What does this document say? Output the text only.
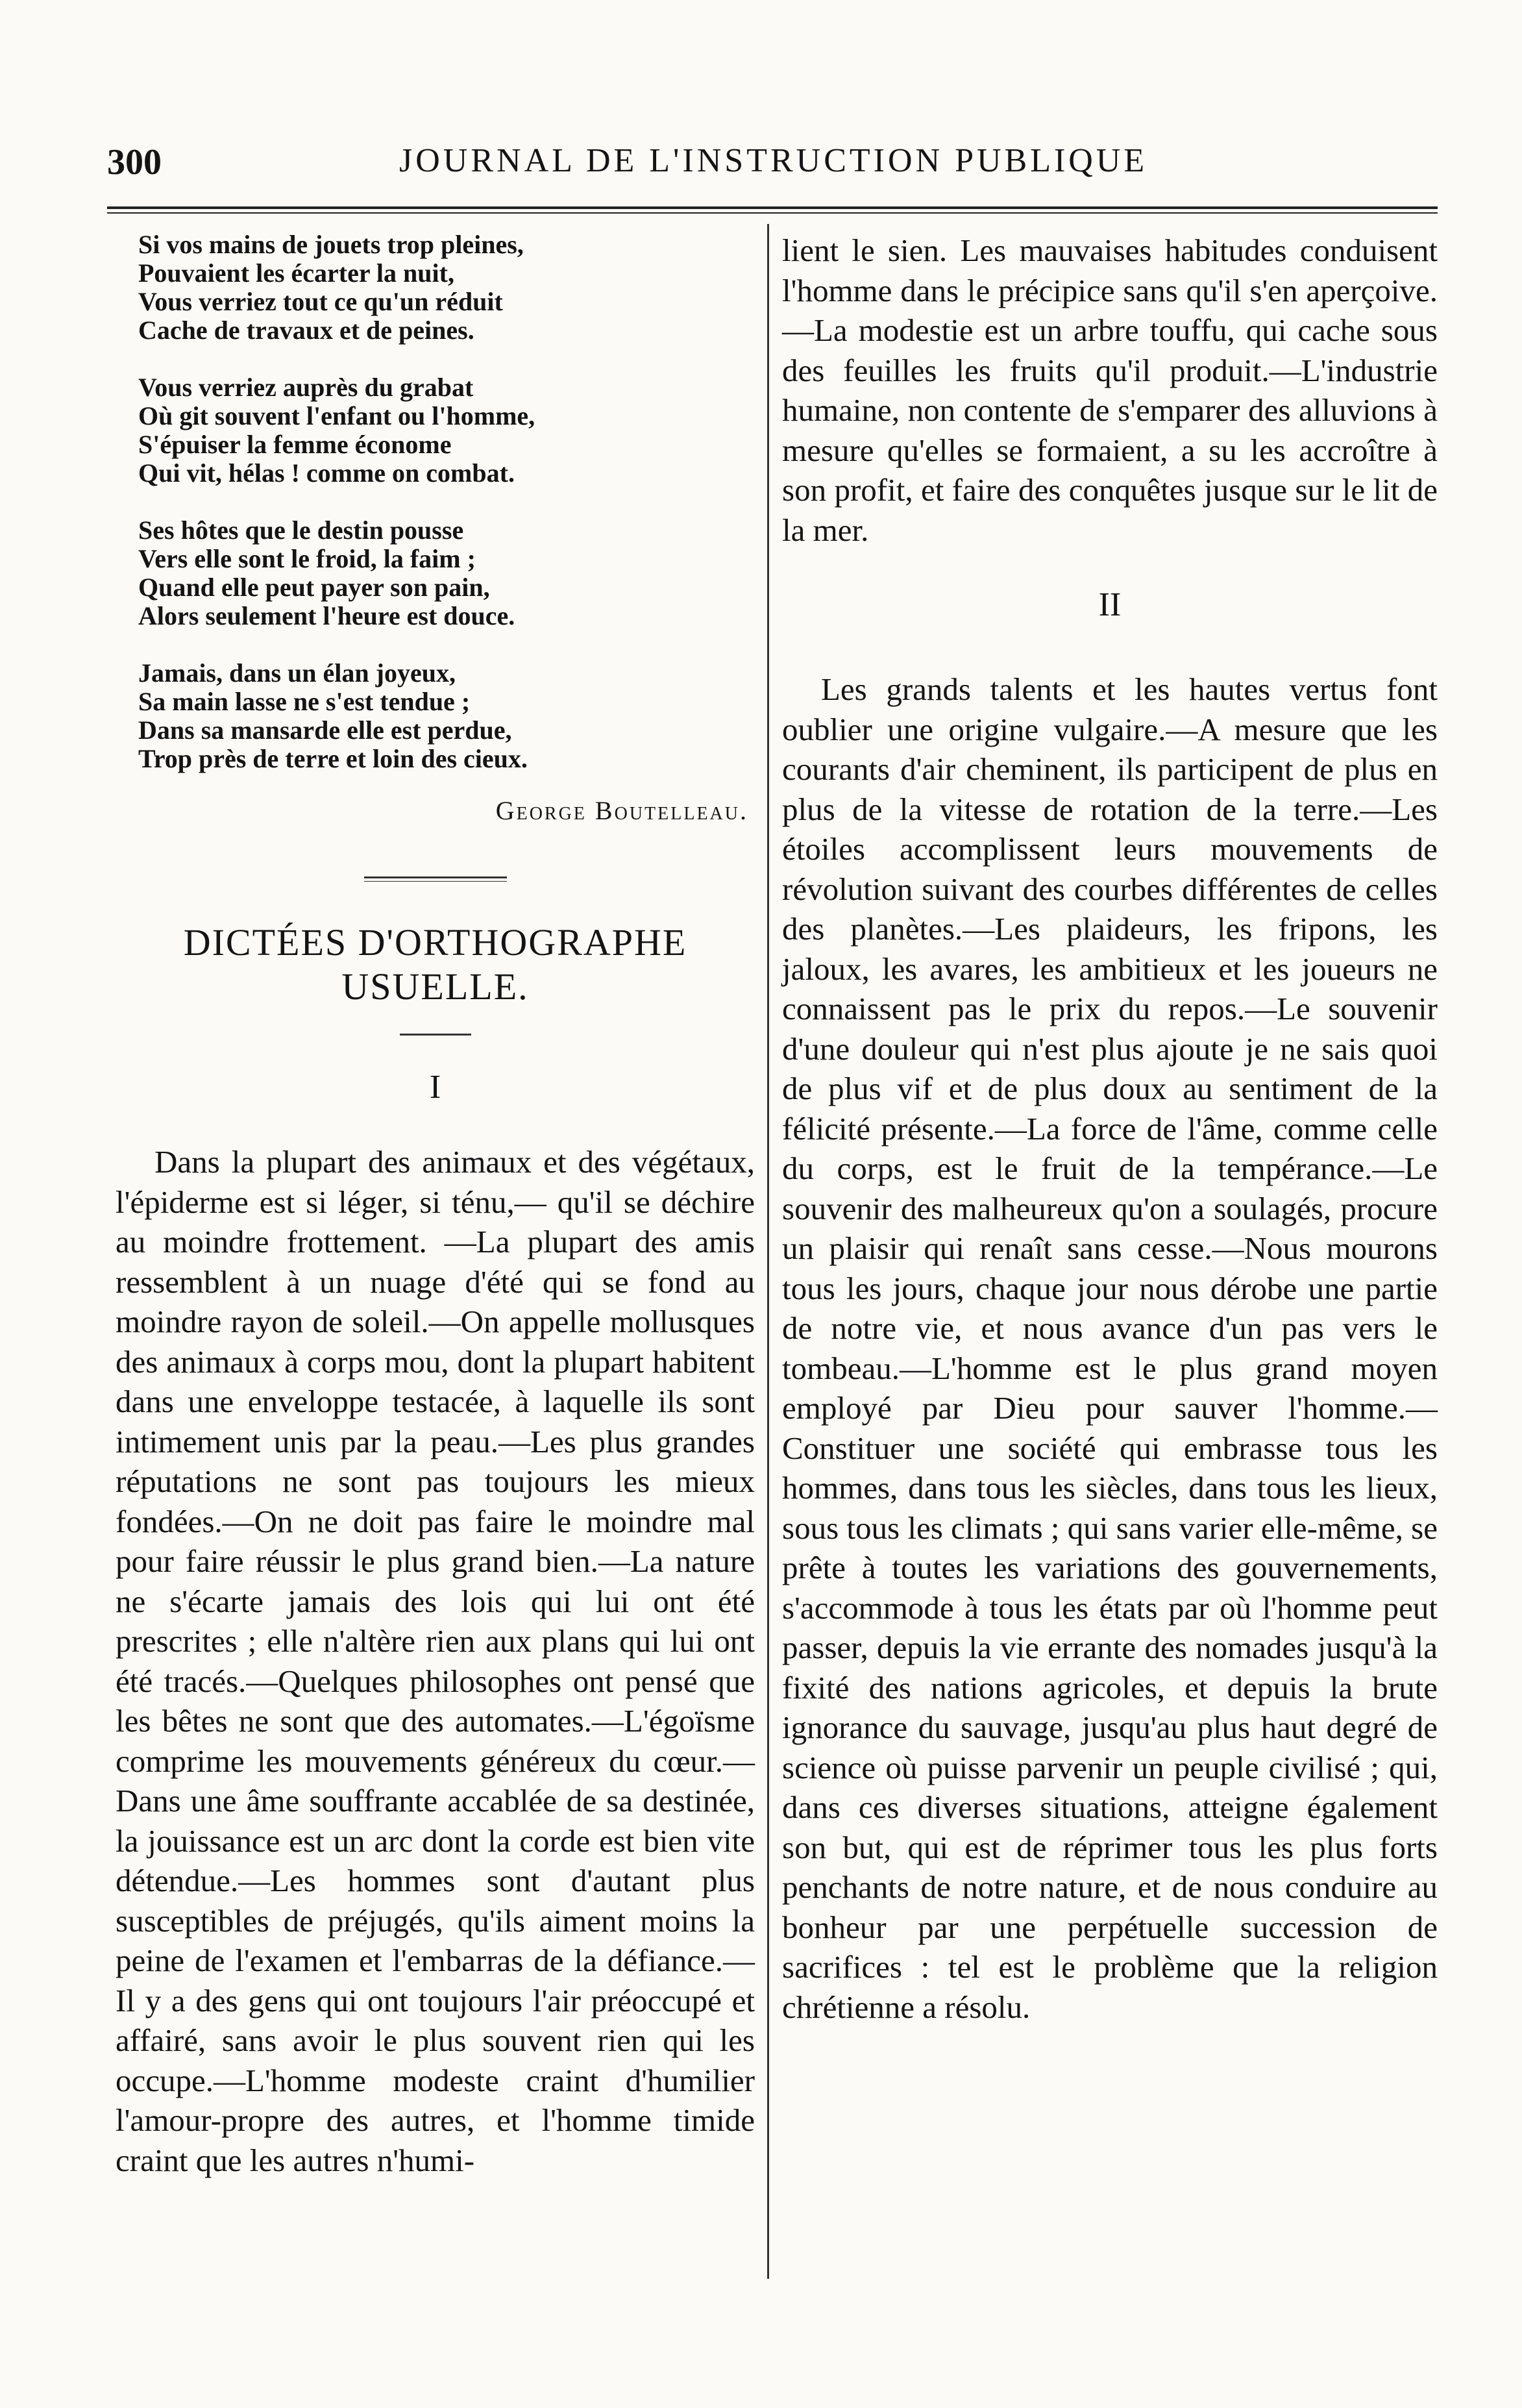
300	JOURNAL DE L'INSTRUCTION PUBLIQUE
Si vos mains de jouets trop pleines,
Pouvaient les écarter la nuit,
Vous verriez tout ce qu'un réduit
Cache de travaux et de peines.
Vous verriez auprès du grabat
Où git souvent l'enfant ou l'homme,
S'épuiser la femme économe
Qui vit, hélas ! comme on combat.
Ses hôtes que le destin pousse
Vers elle sont le froid, la faim ;
Quand elle peut payer son pain,
Alors seulement l'heure est douce.
Jamais, dans un élan joyeux,
Sa main lasse ne s'est tendue ;
Dans sa mansarde elle est perdue,
Trop près de terre et loin des cieux.
George Boutelleau.
DICTÉES D'ORTHOGRAPHE USUELLE.
I
Dans la plupart des animaux et des végétaux, l'épiderme est si léger, si ténu,— qu'il se déchire au moindre frottement. —La plupart des amis ressemblent à un nuage d'été qui se fond au moindre rayon de soleil.—On appelle mollusques des animaux à corps mou, dont la plupart habitent dans une enveloppe testacée, à laquelle ils sont intimement unis par la peau.—Les plus grandes réputations ne sont pas toujours les mieux fondées.—On ne doit pas faire le moindre mal pour faire réussir le plus grand bien.—La nature ne s'écarte jamais des lois qui lui ont été prescrites ; elle n'altère rien aux plans qui lui ont été tracés.—Quelques philosophes ont pensé que les bêtes ne sont que des automates.—L'égoïsme comprime les mouvements généreux du cœur.—Dans une âme souffrante accablée de sa destinée, la jouissance est un arc dont la corde est bien vite détendue.—Les hommes sont d'autant plus susceptibles de préjugés, qu'ils aiment moins la peine de l'examen et l'embarras de la défiance.—Il y a des gens qui ont toujours l'air préoccupé et affairé, sans avoir le plus souvent rien qui les occupe.—L'homme modeste craint d'humilier l'amour-propre des autres, et l'homme timide craint que les autres n'humi-
lient le sien. Les mauvaises habitudes conduisent l'homme dans le précipice sans qu'il s'en aperçoive.—La modestie est un arbre touffu, qui cache sous des feuilles les fruits qu'il produit.—L'industrie humaine, non contente de s'emparer des alluvions à mesure qu'elles se formaient, a su les accroître à son profit, et faire des conquêtes jusque sur le lit de la mer.
II
Les grands talents et les hautes vertus font oublier une origine vulgaire.—A mesure que les courants d'air cheminent, ils participent de plus en plus de la vitesse de rotation de la terre.—Les étoiles accomplissent leurs mouvements de révolution suivant des courbes différentes de celles des planètes.—Les plaideurs, les fripons, les jaloux, les avares, les ambitieux et les joueurs ne connaissent pas le prix du repos.—Le souvenir d'une douleur qui n'est plus ajoute je ne sais quoi de plus vif et de plus doux au sentiment de la félicité présente.—La force de l'âme, comme celle du corps, est le fruit de la tempérance.—Le souvenir des malheureux qu'on a soulagés, procure un plaisir qui renaît sans cesse.—Nous mourons tous les jours, chaque jour nous dérobe une partie de notre vie, et nous avance d'un pas vers le tombeau.—L'homme est le plus grand moyen employé par Dieu pour sauver l'homme.—Constituer une société qui embrasse tous les hommes, dans tous les siècles, dans tous les lieux, sous tous les climats ; qui sans varier elle-même, se prête à toutes les variations des gouvernements, s'accommode à tous les états par où l'homme peut passer, depuis la vie errante des nomades jusqu'à la fixité des nations agricoles, et depuis la brute ignorance du sauvage, jusqu'au plus haut degré de science où puisse parvenir un peuple civilisé ; qui, dans ces diverses situations, atteigne également son but, qui est de réprimer tous les plus forts penchants de notre nature, et de nous conduire au bonheur par une perpétuelle succession de sacrifices : tel est le problème que la religion chrétienne a résolu.
